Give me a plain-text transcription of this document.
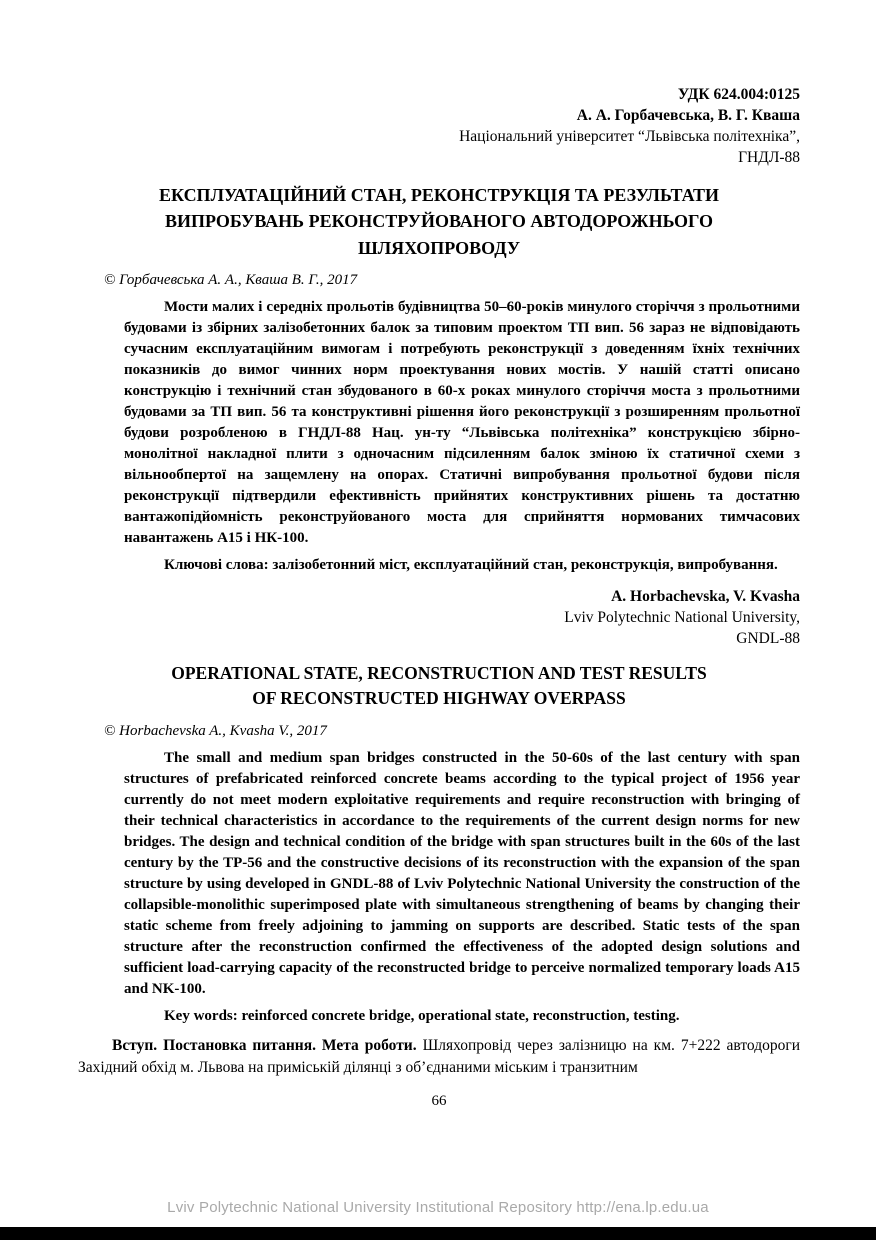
УДК 624.004:0125
А. А. Горбачевська, В. Г. Кваша
Національний університет “Львівська політехніка”,
ГНДЛ-88
ЕКСПЛУАТАЦІЙНИЙ СТАН, РЕКОНСТРУКЦІЯ ТА РЕЗУЛЬТАТИ ВИПРОБУВАНЬ РЕКОНСТРУЙОВАНОГО АВТОДОРОЖНЬОГО ШЛЯХОПРОВОДУ

© Горбачевська А. А., Кваша В. Г., 2017

Мости малих і середніх прольотів будівництва 50–60-років минулого сторіччя з прольотними будовами із збірних залізобетонних балок за типовим проектом ТП вип. 56 зараз не відповідають сучасним експлуатаційним вимогам і потребують реконструкції з доведенням їхніх технічних показників до вимог чинних норм проектування нових мостів. У нашій статті описано конструкцію і технічний стан збудованого в 60-х роках минулого сторіччя моста з прольотними будовами за ТП вип. 56 та конструктивні рішення його реконструкції з розширенням прольотної будови розробленою в ГНДЛ-88 Нац. ун-ту “Львівська політехніка” конструкцією збірно-монолітної накладної плити з одночасним підсиленням балок зміною їх статичної схеми з вільнообпертої на защемлену на опорах. Статичні випробування прольотної будови після реконструкції підтвердили ефективність прийнятих конструктивних рішень та достатню вантажопідйомність реконструйованого моста для сприйняття нормованих тимчасових навантажень А15 і НК-100.

Ключові слова: залізобетонний міст, експлуатаційний стан, реконструкція, випробування.

A. Horbachevska, V. Kvasha
Lviv Polytechnic National University,
GNDL-88
OPERATIONAL STATE, RECONSTRUCTION AND TEST RESULTS OF RECONSTRUCTED HIGHWAY OVERPASS

© Horbachevska A., Kvasha V., 2017

The small and medium span bridges constructed in the 50-60s of the last century with span structures of prefabricated reinforced concrete beams according to the typical project of 1956 year currently do not meet modern exploitative requirements and require reconstruction with bringing of their technical characteristics in accordance to the requirements of the current design norms for new bridges. The design and technical condition of the bridge with span structures built in the 60s of the last century by the TP-56 and the constructive decisions of its reconstruction with the expansion of the span structure by using developed in GNDL-88 of Lviv Polytechnic National University the construction of the collapsible-monolithic superimposed plate with simultaneous strengthening of beams by changing their static scheme from freely adjoining to jamming on supports are described. Static tests of the span structure after the reconstruction confirmed the effectiveness of the adopted design solutions and sufficient load-carrying capacity of the reconstructed bridge to perceive normalized temporary loads A15 and NK-100.

Key words: reinforced concrete bridge, operational state, reconstruction, testing.

Вступ. Постановка питання. Мета роботи. Шляхопровід через залізницю на км. 7+222 автодороги Західний обхід м. Львова на приміській ділянці з об’єднаними міським і транзитним

66
Lviv Polytechnic National University Institutional Repository http://ena.lp.edu.ua
